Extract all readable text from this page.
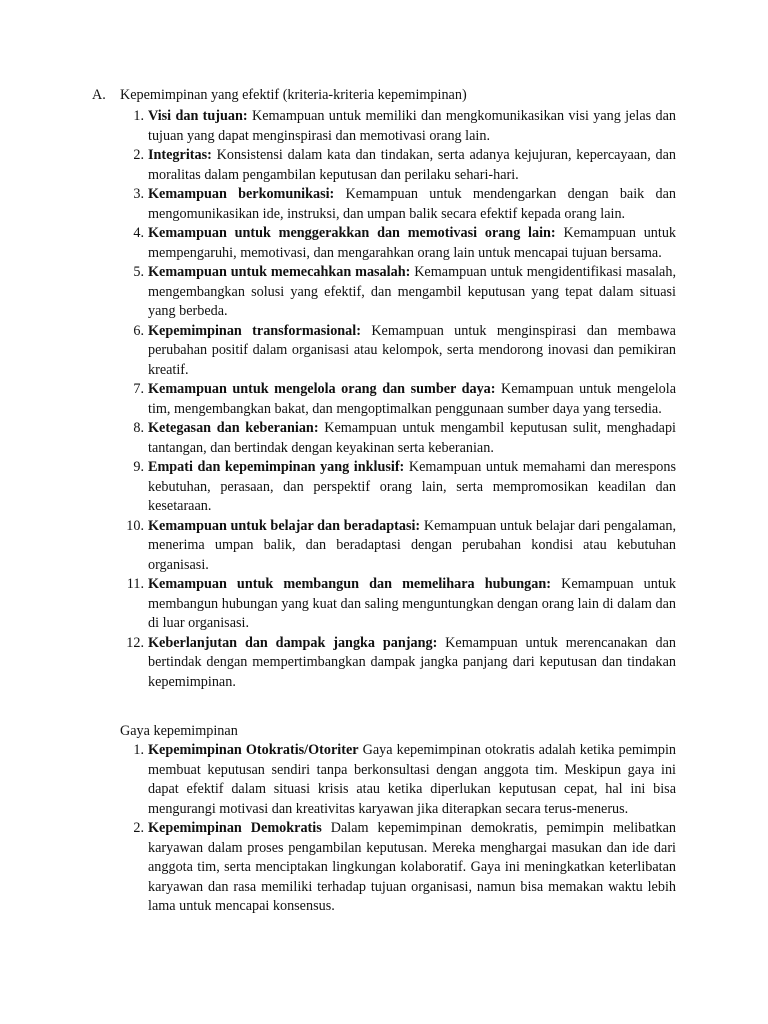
A. Kepemimpinan yang efektif (kriteria-kriteria kepemimpinan)
1. Visi dan tujuan: Kemampuan untuk memiliki dan mengkomunikasikan visi yang jelas dan tujuan yang dapat menginspirasi dan memotivasi orang lain.
2. Integritas: Konsistensi dalam kata dan tindakan, serta adanya kejujuran, kepercayaan, dan moralitas dalam pengambilan keputusan dan perilaku sehari-hari.
3. Kemampuan berkomunikasi: Kemampuan untuk mendengarkan dengan baik dan mengomunikasikan ide, instruksi, dan umpan balik secara efektif kepada orang lain.
4. Kemampuan untuk menggerakkan dan memotivasi orang lain: Kemampuan untuk mempengaruhi, memotivasi, dan mengarahkan orang lain untuk mencapai tujuan bersama.
5. Kemampuan untuk memecahkan masalah: Kemampuan untuk mengidentifikasi masalah, mengembangkan solusi yang efektif, dan mengambil keputusan yang tepat dalam situasi yang berbeda.
6. Kepemimpinan transformasional: Kemampuan untuk menginspirasi dan membawa perubahan positif dalam organisasi atau kelompok, serta mendorong inovasi dan pemikiran kreatif.
7. Kemampuan untuk mengelola orang dan sumber daya: Kemampuan untuk mengelola tim, mengembangkan bakat, dan mengoptimalkan penggunaan sumber daya yang tersedia.
8. Ketegasan dan keberanian: Kemampuan untuk mengambil keputusan sulit, menghadapi tantangan, dan bertindak dengan keyakinan serta keberanian.
9. Empati dan kepemimpinan yang inklusif: Kemampuan untuk memahami dan merespons kebutuhan, perasaan, dan perspektif orang lain, serta mempromosikan keadilan dan kesetaraan.
10. Kemampuan untuk belajar dan beradaptasi: Kemampuan untuk belajar dari pengalaman, menerima umpan balik, dan beradaptasi dengan perubahan kondisi atau kebutuhan organisasi.
11. Kemampuan untuk membangun dan memelihara hubungan: Kemampuan untuk membangun hubungan yang kuat dan saling menguntungkan dengan orang lain di dalam dan di luar organisasi.
12. Keberlanjutan dan dampak jangka panjang: Kemampuan untuk merencanakan dan bertindak dengan mempertimbangkan dampak jangka panjang dari keputusan dan tindakan kepemimpinan.
Gaya kepemimpinan
1. Kepemimpinan Otokratis/Otoriter Gaya kepemimpinan otokratis adalah ketika pemimpin membuat keputusan sendiri tanpa berkonsultasi dengan anggota tim. Meskipun gaya ini dapat efektif dalam situasi krisis atau ketika diperlukan keputusan cepat, hal ini bisa mengurangi motivasi dan kreativitas karyawan jika diterapkan secara terus-menerus.
2. Kepemimpinan Demokratis Dalam kepemimpinan demokratis, pemimpin melibatkan karyawan dalam proses pengambilan keputusan. Mereka menghargai masukan dan ide dari anggota tim, serta menciptakan lingkungan kolaboratif. Gaya ini meningkatkan keterlibatan karyawan dan rasa memiliki terhadap tujuan organisasi, namun bisa memakan waktu lebih lama untuk mencapai konsensus.
